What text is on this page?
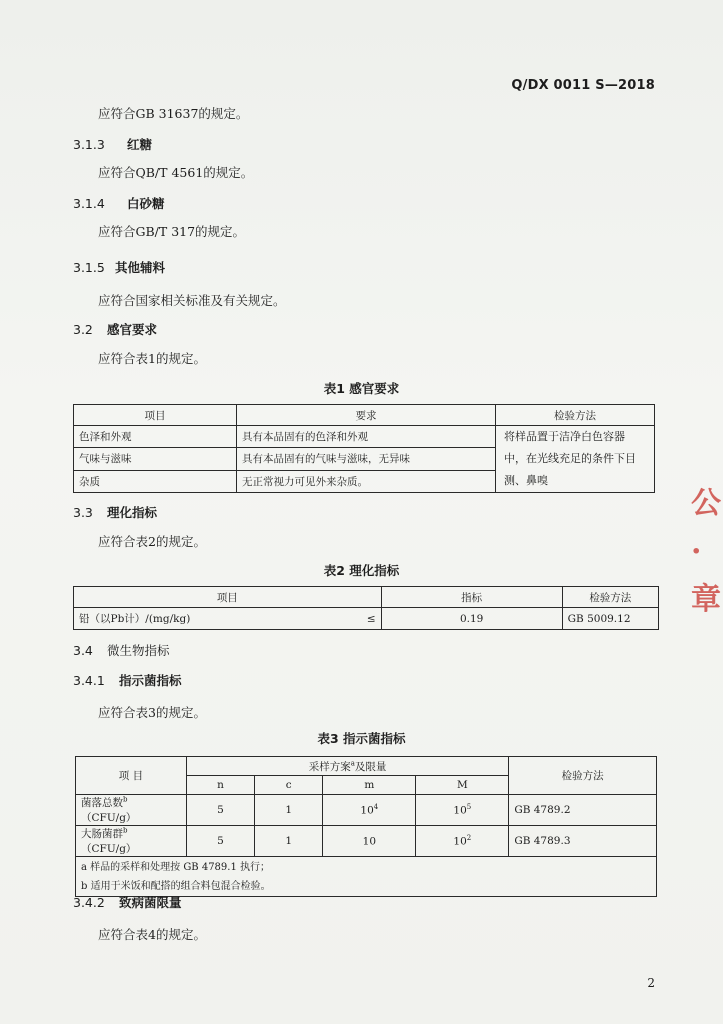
Q/DX 0011 S—2018
应符合GB 31637的规定。
3.1.3 红糖
应符合QB/T 4561的规定。
3.1.4 白砂糖
应符合GB/T 317的规定。
3.1.5 其他辅料
应符合国家相关标准及有关规定。
3.2 感官要求
应符合表1的规定。
表1 感官要求
项目	要求	检验方法
色泽和外观	具有本品固有的色泽和外观	将样品置于洁净白色容器中，在光线充足的条件下目测、鼻嗅
气味与滋味	具有本品固有的气味与滋味，无异味	
杂质	无正常视力可见外来杂质。	
3.3 理化指标
应符合表2的规定。
表2 理化指标
项目		指标	检验方法
铅（以Pb计）/(mg/kg)	≤	0.19	GB 5009.12
3.4 微生物指标
3.4.1 指示菌指标
应符合表3的规定。
表3 指示菌指标
项 目	采样方案$^a$及限量				检验方法
	n	c	m	M	
菌落总数$^b$（CFU/g）	5	1	$10^4$	$10^5$	GB 4789.2
大肠菌群$^b$（CFU/g）	5	1	10	$10^2$	GB 4789.3

a 样品的采样和处理按 GB 4789.1 执行；
b 适用于米饭和配搭的组合料包混合检验。					
3.4.2 致病菌限量
应符合表4的规定。
2
公
·
章
